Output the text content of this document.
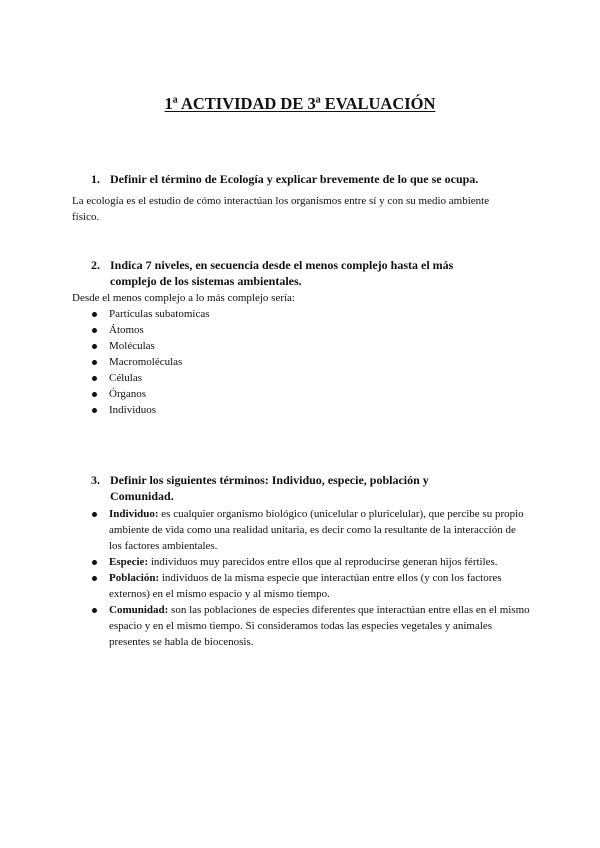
1ª ACTIVIDAD DE 3ª EVALUACIÓN
1. Definir el término de Ecología y explicar brevemente de lo que se ocupa.
La ecología es el estudio de cómo interactúan los organismos entre sí y con su medio ambiente físico.
2. Indica 7 niveles, en secuencia desde el menos complejo hasta el más complejo de los sistemas ambientales.
Desde el menos complejo a lo más complejo sería:
Partículas subatomicas
Átomos
Moléculas
Macromoléculas
Células
Órganos
Individuos
3. Definir los siguientes términos: Individuo, especie, población y Comunidad.
Individuo: es cualquier organismo biológico (unicelular o pluricelular), que percibe su propio ambiente de vida como una realidad unitaria, es decir como la resultante de la interacción de los factores ambientales.
Especie: individuos muy parecidos entre ellos que al reproducirse generan hijos fértiles.
Población: individuos de la misma especie que interactúan entre ellos (y con los factores externos) en el mismo espacio y al mismo tiempo.
Comunidad: son las poblaciones de especies diferentes que interactúan entre ellas en el mismo espacio y en el mismo tiempo. Si consideramos todas las especies vegetales y animales presentes se habla de biocenosis.
